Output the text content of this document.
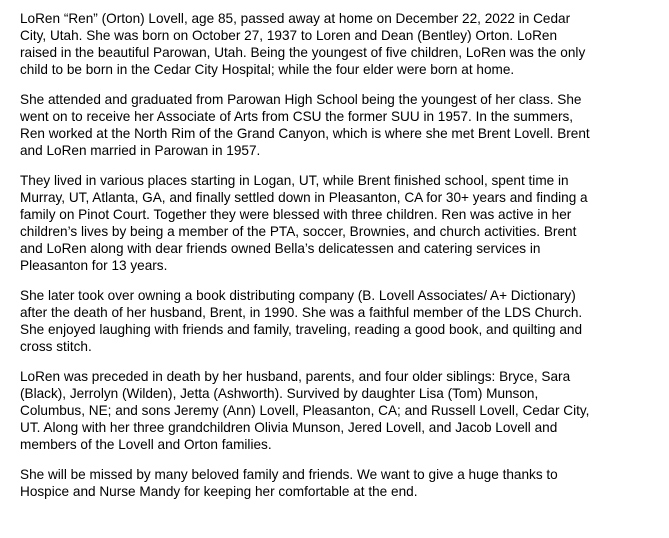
LoRen “Ren” (Orton) Lovell, age 85, passed away at home on December 22, 2022 in Cedar
City, Utah. She was born on October 27, 1937 to Loren and Dean (Bentley) Orton. LoRen
raised in the beautiful Parowan, Utah. Being the youngest of five children, LoRen was the only
child to be born in the Cedar City Hospital; while the four elder were born at home.

She attended and graduated from Parowan High School being the youngest of her class. She
went on to receive her Associate of Arts from CSU the former SUU in 1957. In the summers,
Ren worked at the North Rim of the Grand Canyon, which is where she met Brent Lovell. Brent
and LoRen married in Parowan in 1957.

They lived in various places starting in Logan, UT, while Brent finished school, spent time in
Murray, UT, Atlanta, GA, and finally settled down in Pleasanton, CA for 30+ years and finding a
family on Pinot Court. Together they were blessed with three children. Ren was active in her
children’s lives by being a member of the PTA, soccer, Brownies, and church activities. Brent
and LoRen along with dear friends owned Bella’s delicatessen and catering services in
Pleasanton for 13 years.

She later took over owning a book distributing company (B. Lovell Associates/ A+ Dictionary)
after the death of her husband, Brent, in 1990. She was a faithful member of the LDS Church.
She enjoyed laughing with friends and family, traveling, reading a good book, and quilting and
cross stitch.

LoRen was preceded in death by her husband, parents, and four older siblings: Bryce, Sara
(Black), Jerrolyn (Wilden), Jetta (Ashworth). Survived by daughter Lisa (Tom) Munson,
Columbus, NE; and sons Jeremy (Ann) Lovell, Pleasanton, CA; and Russell Lovell, Cedar City,
UT. Along with her three grandchildren Olivia Munson, Jered Lovell, and Jacob Lovell and
members of the Lovell and Orton families.

She will be missed by many beloved family and friends. We want to give a huge thanks to
Hospice and Nurse Mandy for keeping her comfortable at the end.
